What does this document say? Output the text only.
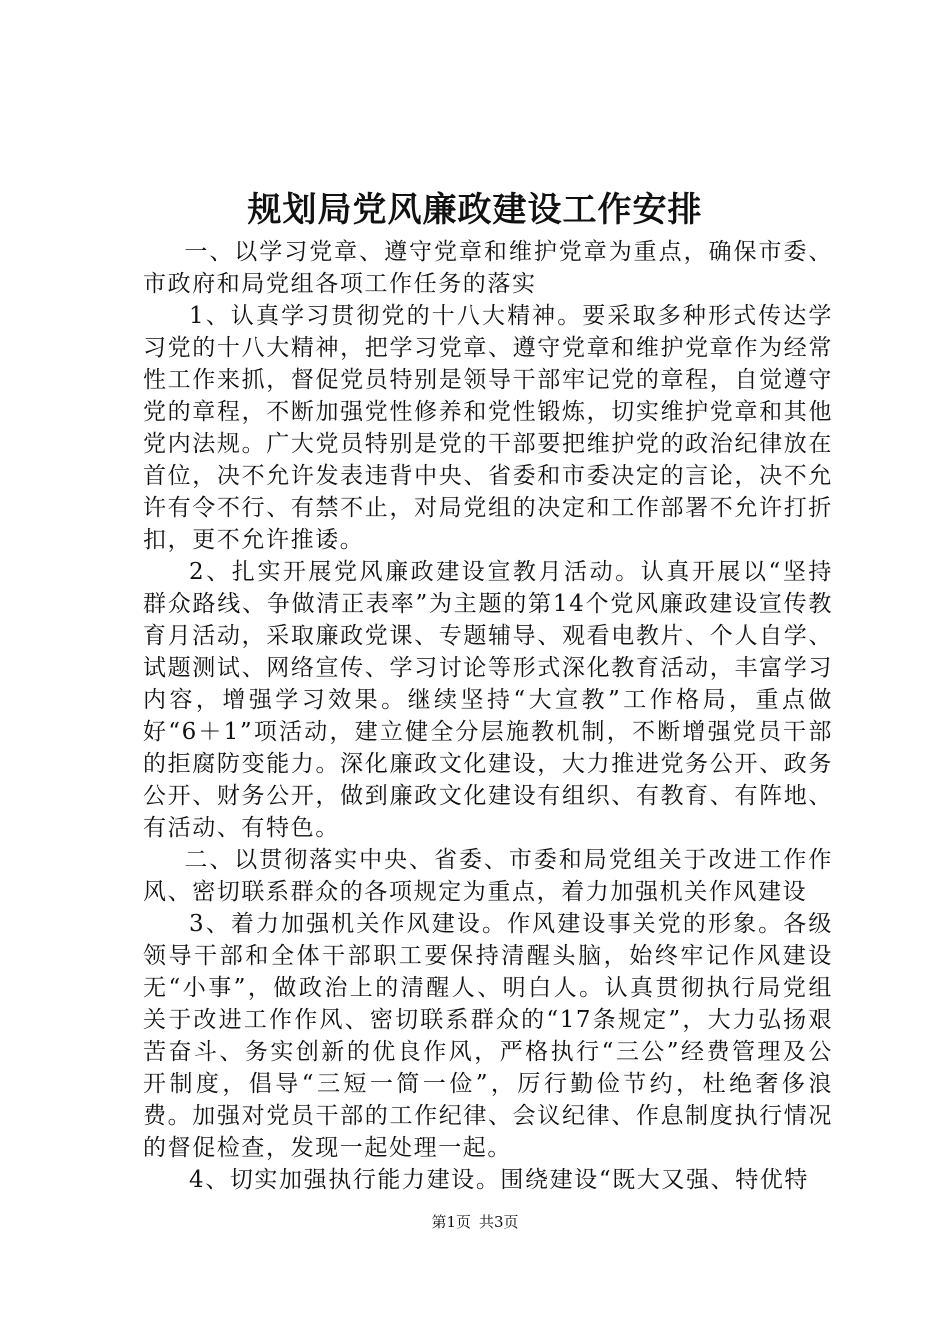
规划局党风廉政建设工作安排

一、以学习党章、遵守党章和维护党章为重点，确保市委、市政府和局党组各项工作任务的落实

1、认真学习贯彻党的十八大精神。要采取多种形式传达学习党的十八大精神，把学习党章、遵守党章和维护党章作为经常性工作来抓，督促党员特别是领导干部牢记党的章程，自觉遵守党的章程，不断加强党性修养和党性锻炼，切实维护党章和其他党内法规。广大党员特别是党的干部要把维护党的政治纪律放在首位，决不允许发表违背中央、省委和市委决定的言论，决不允许有令不行、有禁不止，对局党组的决定和工作部署不允许打折扣，更不允许推诿。

2、扎实开展党风廉政建设宣教月活动。认真开展以“坚持群众路线、争做清正表率”为主题的第14个党风廉政建设宣传教育月活动，采取廉政党课、专题辅导、观看电教片、个人自学、试题测试、网络宣传、学习讨论等形式深化教育活动，丰富学习内容，增强学习效果。继续坚持“大宣教”工作格局，重点做好“6＋1”项活动，建立健全分层施教机制，不断增强党员干部的拒腐防变能力。深化廉政文化建设，大力推进党务公开、政务公开、财务公开，做到廉政文化建设有组织、有教育、有阵地、有活动、有特色。

二、以贯彻落实中央、省委、市委和局党组关于改进工作作风、密切联系群众的各项规定为重点，着力加强机关作风建设

3、着力加强机关作风建设。作风建设事关党的形象。各级领导干部和全体干部职工要保持清醒头脑，始终牢记作风建设无“小事”，做政治上的清醒人、明白人。认真贯彻执行局党组关于改进工作作风、密切联系群众的“17条规定”，大力弘扬艰苦奋斗、务实创新的优良作风，严格执行“三公”经费管理及公开制度，倡导“三短一简一俭”，厉行勤俭节约，杜绝奢侈浪费。加强对党员干部的工作纪律、会议纪律、作息制度执行情况的督促检查，发现一起处理一起。

4、切实加强执行能力建设。围绕建设“既大又强、特优特

第1页 共3页
